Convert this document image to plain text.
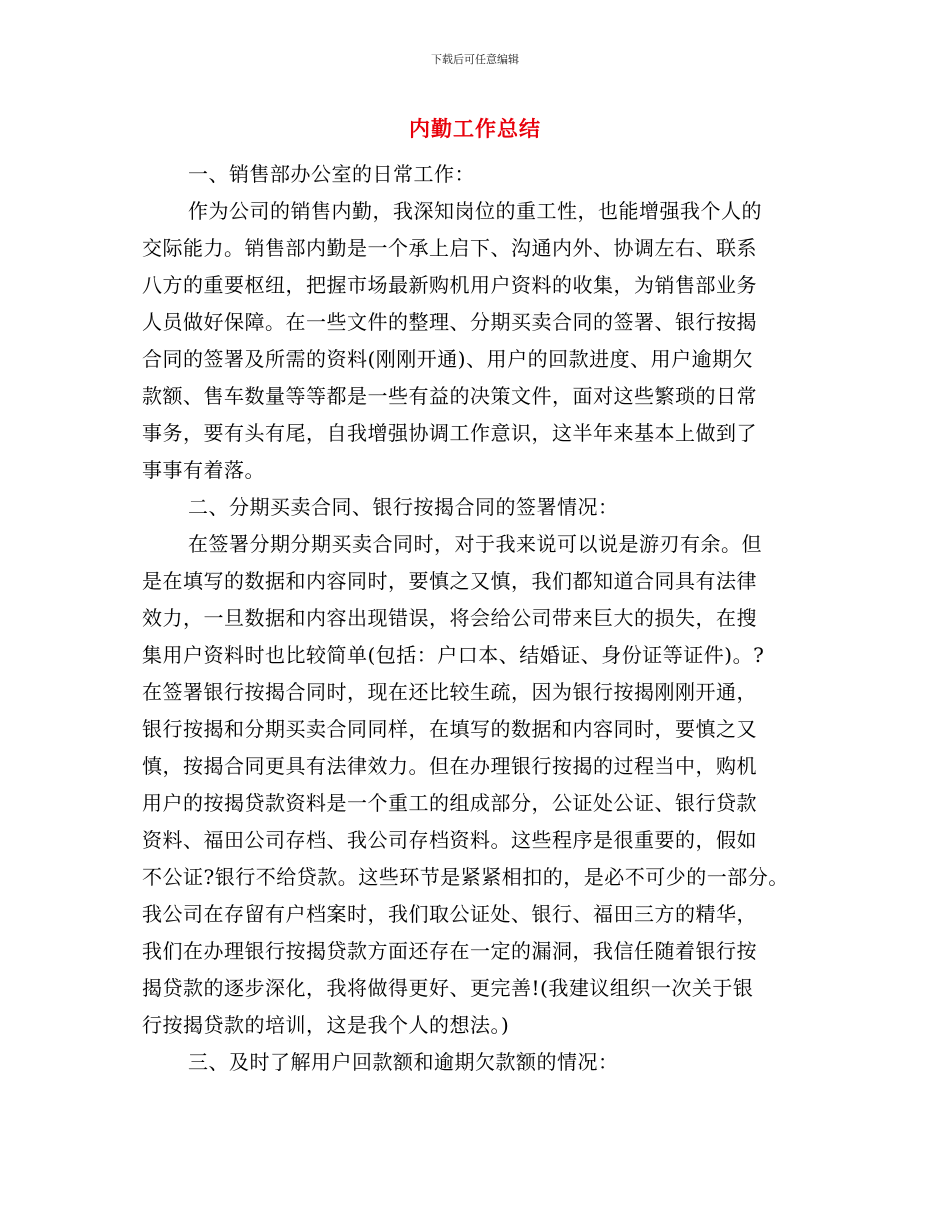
下载后可任意编辑
内勤工作总结
一、销售部办公室的日常工作：
作为公司的销售内勤，我深知岗位的重工性，也能增强我个人的
交际能力。销售部内勤是一个承上启下、沟通内外、协调左右、联系
八方的重要枢纽，把握市场最新购机用户资料的收集，为销售部业务
人员做好保障。在一些文件的整理、分期买卖合同的签署、银行按揭
合同的签署及所需的资料(刚刚开通)、用户的回款进度、用户逾期欠
款额、售车数量等等都是一些有益的决策文件，面对这些繁琐的日常
事务，要有头有尾，自我增强协调工作意识，这半年来基本上做到了
事事有着落。
二、分期买卖合同、银行按揭合同的签署情况：
在签署分期分期买卖合同时，对于我来说可以说是游刃有余。但
是在填写的数据和内容同时，要慎之又慎，我们都知道合同具有法律
效力，一旦数据和内容出现错误，将会给公司带来巨大的损失，在搜
集用户资料时也比较简单(包括：户口本、结婚证、身份证等证件)。?
在签署银行按揭合同时，现在还比较生疏，因为银行按揭刚刚开通，
银行按揭和分期买卖合同同样，在填写的数据和内容同时，要慎之又
慎，按揭合同更具有法律效力。但在办理银行按揭的过程当中，购机
用户的按揭贷款资料是一个重工的组成部分，公证处公证、银行贷款
资料、福田公司存档、我公司存档资料。这些程序是很重要的，假如
不公证?银行不给贷款。这些环节是紧紧相扣的，是必不可少的一部分。
我公司在存留有户档案时，我们取公证处、银行、福田三方的精华，
我们在办理银行按揭贷款方面还存在一定的漏洞，我信任随着银行按
揭贷款的逐步深化，我将做得更好、更完善!(我建议组织一次关于银
行按揭贷款的培训，这是我个人的想法。)
三、及时了解用户回款额和逾期欠款额的情况：
